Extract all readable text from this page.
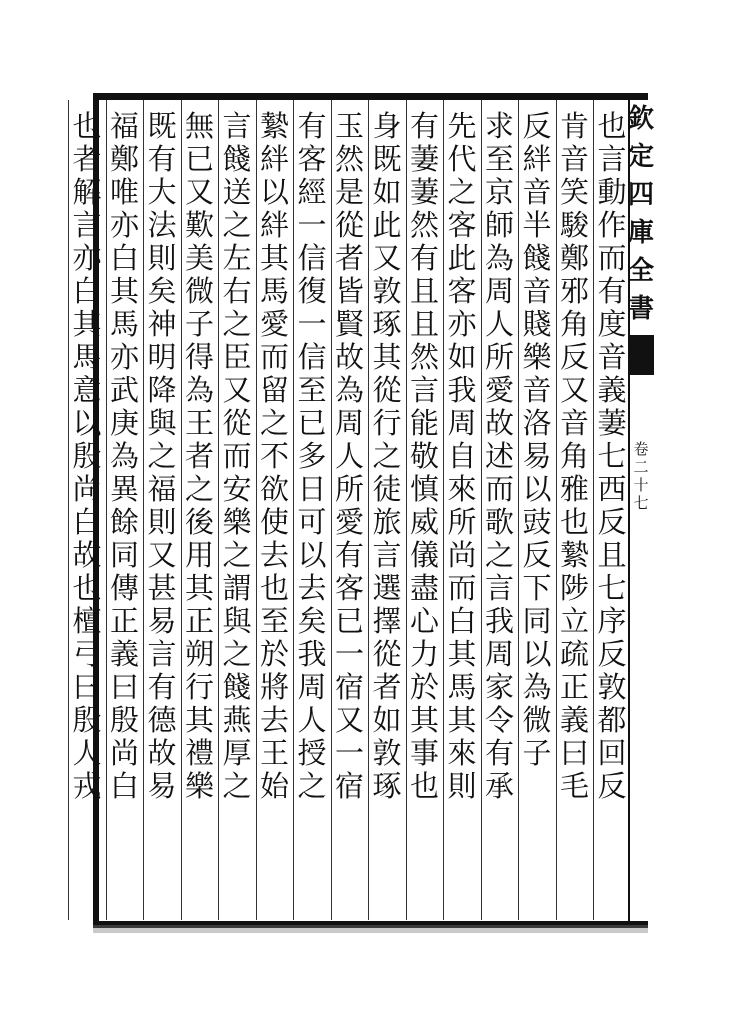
欽
定
四
庫
全
書
卷
二
十
七
也
言
動
作
而
有
度
音
義
萋
七
西
反
且
七
序
反
敦
都
回
反
肯
音
笑
駿
鄭
邪
角
反
又
音
角
雅
也
縶
陟
立
疏
正
義
曰
毛
反
絆
音
半
餞
音
賤
樂
音
洛
易
以
豉
反
下
同
以
為
微
子
求
至
京
師
為
周
人
所
愛
故
述
而
歌
之
言
我
周
家
令
有
承
先
代
之
客
此
客
亦
如
我
周
自
來
所
尚
而
白
其
馬
其
來
則
有
萋
萋
然
有
且
且
然
言
能
敬
慎
威
儀
盡
心
力
於
其
事
也
身
既
如
此
又
敦
琢
其
從
行
之
徒
旅
言
選
擇
從
者
如
敦
琢
玉
然
是
從
者
皆
賢
故
為
周
人
所
愛
有
客
已
一
宿
又
一
宿
有
客
經
一
信
復
一
信
至
已
多
日
可
以
去
矣
我
周
人
授
之
縶
絆
以
絆
其
馬
愛
而
留
之
不
欲
使
去
也
至
於
將
去
王
始
言
餞
送
之
左
右
之
臣
又
從
而
安
樂
之
謂
與
之
餞
燕
厚
之
無
已
又
歎
美
微
子
得
為
王
者
之
後
用
其
正
朔
行
其
禮
樂
既
有
大
法
則
矣
神
明
降
與
之
福
則
又
甚
易
言
有
德
故
易
福
鄭
唯
亦
白
其
馬
亦
武
庚
為
異
餘
同
傳
正
義
曰
殷
尚
白
也
者
解
言
亦
白
其
馬
意
以
殷
尚
白
故
也
檀
弓
曰
殷
人
戎
